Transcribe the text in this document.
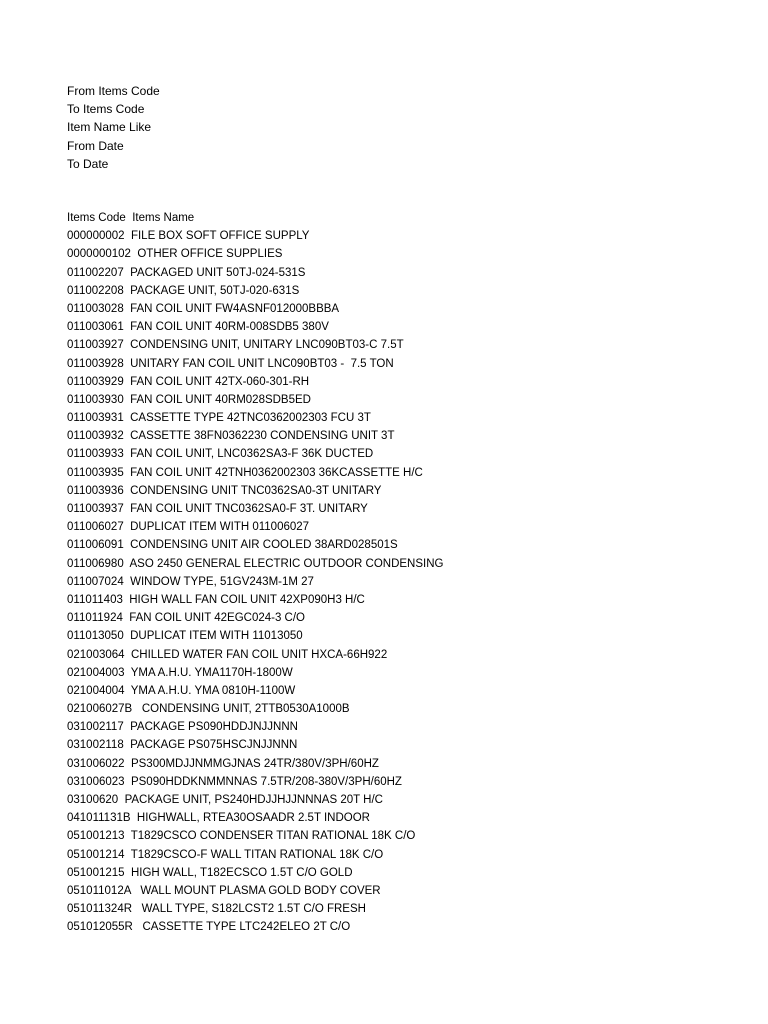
From Items Code
To Items Code
Item Name Like
From Date
To Date
Items Code Items Name
000000002 FILE BOX SOFT OFFICE SUPPLY
0000000102 OTHER OFFICE SUPPLIES
011002207 PACKAGED UNIT 50TJ-024-531S
011002208 PACKAGE UNIT, 50TJ-020-631S
011003028 FAN COIL UNIT FW4ASNF012000BBBA
011003061 FAN COIL UNIT 40RM-008SDB5 380V
011003927 CONDENSING UNIT, UNITARY LNC090BT03-C 7.5T
011003928 UNITARY FAN COIL UNIT LNC090BT03 -  7.5 TON
011003929 FAN COIL UNIT 42TX-060-301-RH
011003930 FAN COIL UNIT 40RM028SDB5ED
011003931 CASSETTE TYPE 42TNC0362002303 FCU 3T
011003932 CASSETTE 38FN0362230 CONDENSING UNIT 3T
011003933 FAN COIL UNIT, LNC0362SA3-F 36K DUCTED
011003935 FAN COIL UNIT 42TNH0362002303 36KCASSETTE H/C
011003936 CONDENSING UNIT TNC0362SA0-3T UNITARY
011003937 FAN COIL UNIT TNC0362SA0-F 3T. UNITARY
011006027 DUPLICAT ITEM WITH 011006027
011006091 CONDENSING UNIT AIR COOLED 38ARD028501S
011006980 ASO 2450 GENERAL ELECTRIC OUTDOOR CONDENSING
011007024 WINDOW TYPE, 51GV243M-1M 27
011011403 HIGH WALL FAN COIL UNIT 42XP090H3 H/C
011011924 FAN COIL UNIT 42EGC024-3 C/O
011013050 DUPLICAT ITEM WITH 11013050
021003064 CHILLED WATER FAN COIL UNIT HXCA-66H922
021004003 YMA A.H.U. YMA1170H-1800W
021004004 YMA A.H.U. YMA 0810H-1100W
021006027B   CONDENSING UNIT, 2TTB0530A1000B
031002117 PACKAGE PS090HDDJNJJNNN
031002118 PACKAGE PS075HSCJNJJNNN
031006022 PS300MDJJNMMGJNAS 24TR/380V/3PH/60HZ
031006023 PS090HDDKNMMNNAS 7.5TR/208-380V/3PH/60HZ
03100620 PACKAGE UNIT, PS240HDJJHJJNNNAS 20T H/C
041011131B HIGHWALL, RTEA30OSAADR 2.5T INDOOR
051001213 T1829CSCO CONDENSER TITAN RATIONAL 18K C/O
051001214 T1829CSCO-F WALL TITAN RATIONAL 18K C/O
051001215 HIGH WALL, T182ECSCO 1.5T C/O GOLD
051011012A   WALL MOUNT PLASMA GOLD BODY COVER
051011324R   WALL TYPE, S182LCST2 1.5T C/O FRESH
051012055R   CASSETTE TYPE LTC242ELEO 2T C/O
